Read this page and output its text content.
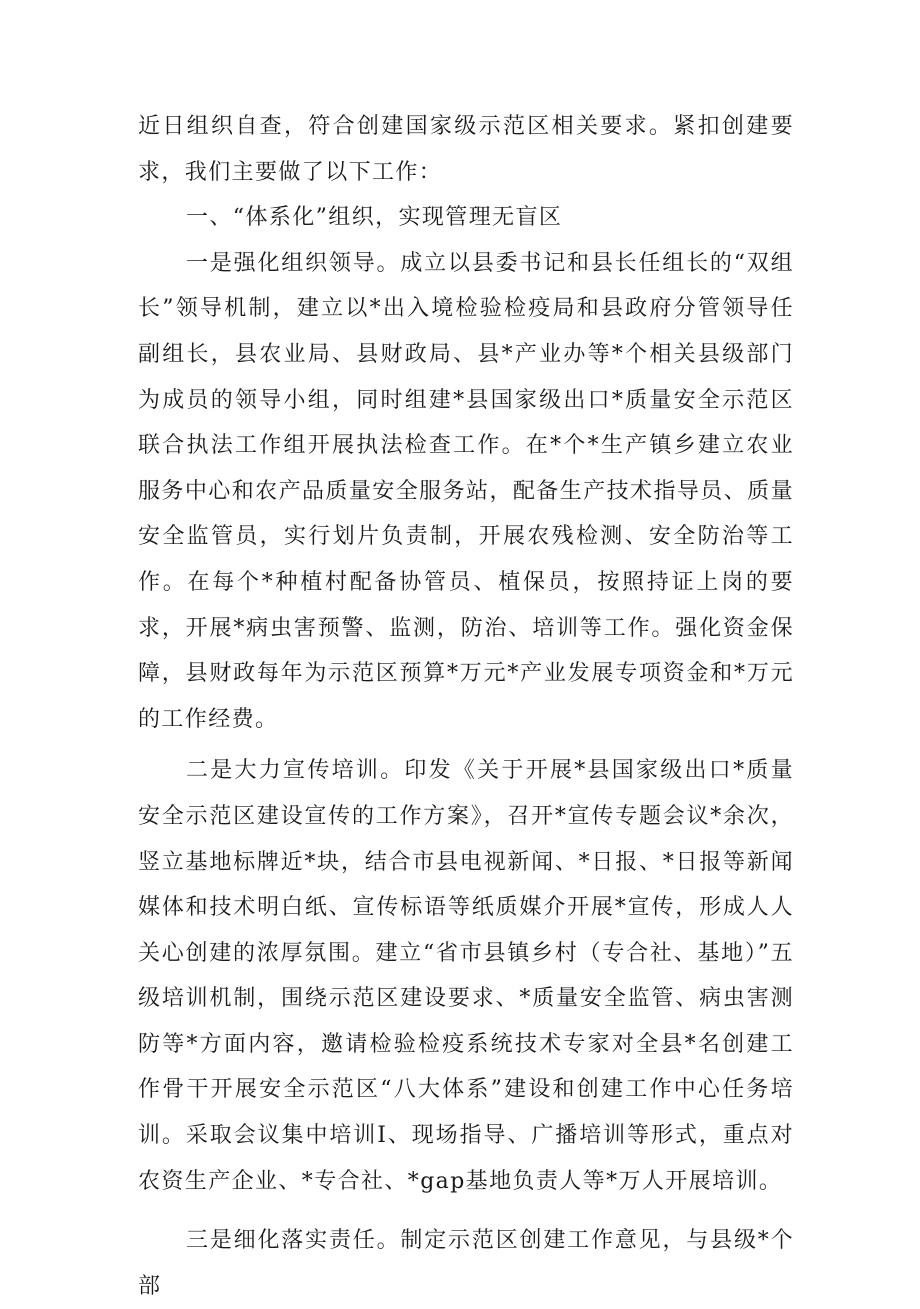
近日组织自查，符合创建国家级示范区相关要求。紧扣创建要求，我们主要做了以下工作：

一、“体系化”组织，实现管理无盲区

一是强化组织领导。成立以县委书记和县长任组长的“双组长”领导机制，建立以*出入境检验检疫局和县政府分管领导任副组长，县农业局、县财政局、县*产业办等*个相关县级部门为成员的领导小组，同时组建*县国家级出口*质量安全示范区联合执法工作组开展执法检查工作。在*个*生产镇乡建立农业服务中心和农产品质量安全服务站，配备生产技术指导员、质量安全监管员，实行划片负责制，开展农残检测、安全防治等工作。在每个*种植村配备协管员、植保员，按照持证上岗的要求，开展*病虫害预警、监测，防治、培训等工作。强化资金保障，县财政每年为示范区预算*万元*产业发展专项资金和*万元的工作经费。

二是大力宣传培训。印发《关于开展*县国家级出口*质量安全示范区建设宣传的工作方案》，召开*宣传专题会议*余次，竖立基地标牌近*块，结合市县电视新闻、*日报、*日报等新闻媒体和技术明白纸、宣传标语等纸质媒介开展*宣传，形成人人关心创建的浓厚氛围。建立“省市县镇乡村（专合社、基地）”五级培训机制，围绕示范区建设要求、*质量安全监管、病虫害测防等*方面内容，邀请检验检疫系统技术专家对全县*名创建工作骨干开展安全示范区“八大体系”建设和创建工作中心任务培训。采取会议集中培训I、现场指导、广播培训等形式，重点对农资生产企业、*专合社、*gap基地负责人等*万人开展培训。

三是细化落实责任。制定示范区创建工作意见，与县级*个部
